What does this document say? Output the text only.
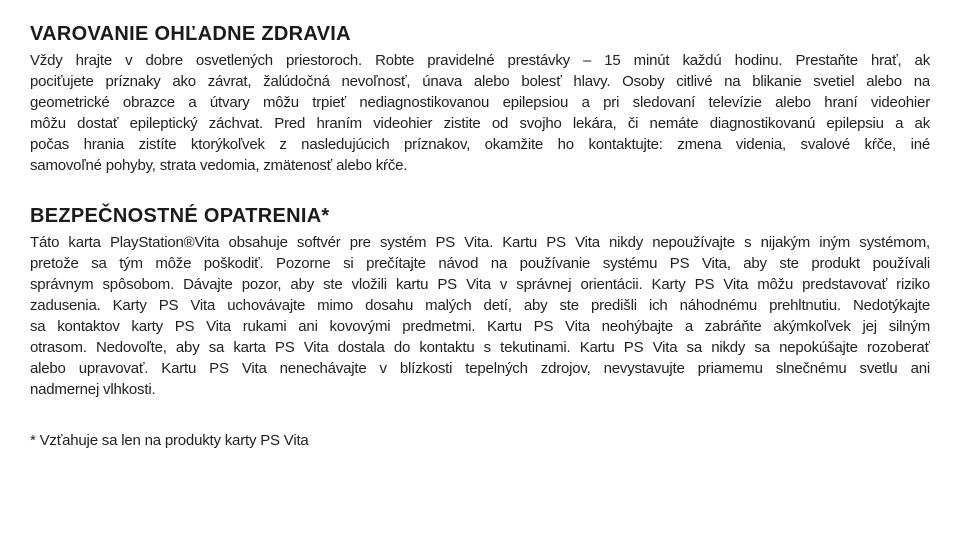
VAROVANIE OHĽADNE ZDRAVIA
Vždy hrajte v dobre osvetlených priestoroch. Robte pravidelné prestávky – 15 minút každú hodinu. Prestaňte hrať, ak
pociťujete príznaky ako závrat, žalúdočná nevoľnosť, únava alebo bolesť hlavy. Osoby citlivé na blikanie svetiel alebo na
geometrické obrazce a útvary môžu trpieť nediagnostikovanou epilepsiou a pri sledovaní televízie alebo hraní videohier
môžu dostať epileptický záchvat. Pred hraním videohier zistite od svojho lekára, či nemáte diagnostikovanú epilepsiu a ak
počas hrania zistíte ktorýkoľvek z nasledujúcich príznakov, okamžite ho kontaktujte: zmena videnia, svalové kŕče, iné
samovoľné pohyby, strata vedomia, zmätenosť alebo kŕče.
BEZPEČNOSTNÉ OPATRENIA*
Táto karta PlayStation®Vita obsahuje softvér pre systém PS Vita. Kartu PS Vita nikdy nepoužívajte s nijakým iným systémom,
pretože sa tým môže poškodiť. Pozorne si prečítajte návod na používanie systému PS Vita, aby ste produkt používali
správnym spôsobom. Dávajte pozor, aby ste vložili kartu PS Vita v správnej orientácii. Karty PS Vita môžu predstavovať riziko
zadusenia. Karty PS Vita uchovávajte mimo dosahu malých detí, aby ste predišli ich náhodnému prehltnutiu. Nedotýkajte
sa kontaktov karty PS Vita rukami ani kovovými predmetmi. Kartu PS Vita neohýbajte a zabráňte akýmkoľvek jej silným
otrasom. Nedovoľte, aby sa karta PS Vita dostala do kontaktu s tekutinami. Kartu PS Vita sa nikdy sa nepokúšajte rozoberať
alebo upravovať. Kartu PS Vita nenechávajte v blízkosti tepelných zdrojov, nevystavujte priamemu slnečnému svetlu ani
nadmernej vlhkosti.
* Vzťahuje sa len na produkty karty PS Vita
